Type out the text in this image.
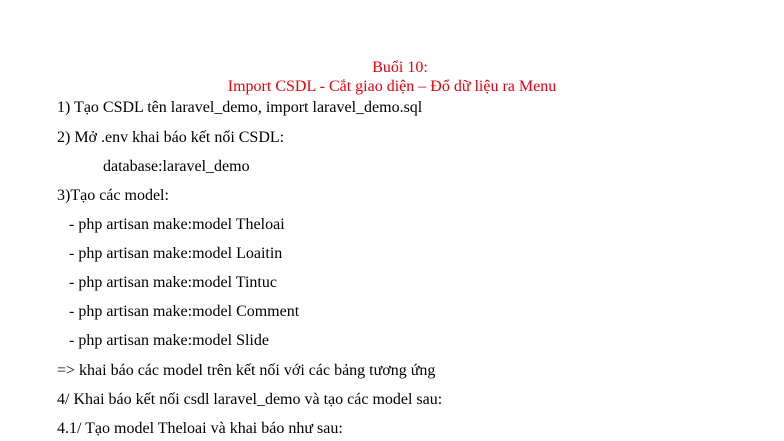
Buổi 10:
Import CSDL - Cắt giao diện – Đổ dữ liệu ra Menu
1) Tạo CSDL tên laravel_demo, import laravel_demo.sql
2) Mở .env khai báo kết nối CSDL:
database:laravel_demo
3)Tạo các model:
- php artisan make:model Theloai
- php artisan make:model Loaitin
- php artisan make:model Tintuc
- php artisan make:model Comment
- php artisan make:model Slide
=> khai báo các model trên kết nối với các bảng tương ứng
4/ Khai báo kết nối csdl laravel_demo và tạo các model sau:
4.1/ Tạo model Theloai và khai báo như sau:
